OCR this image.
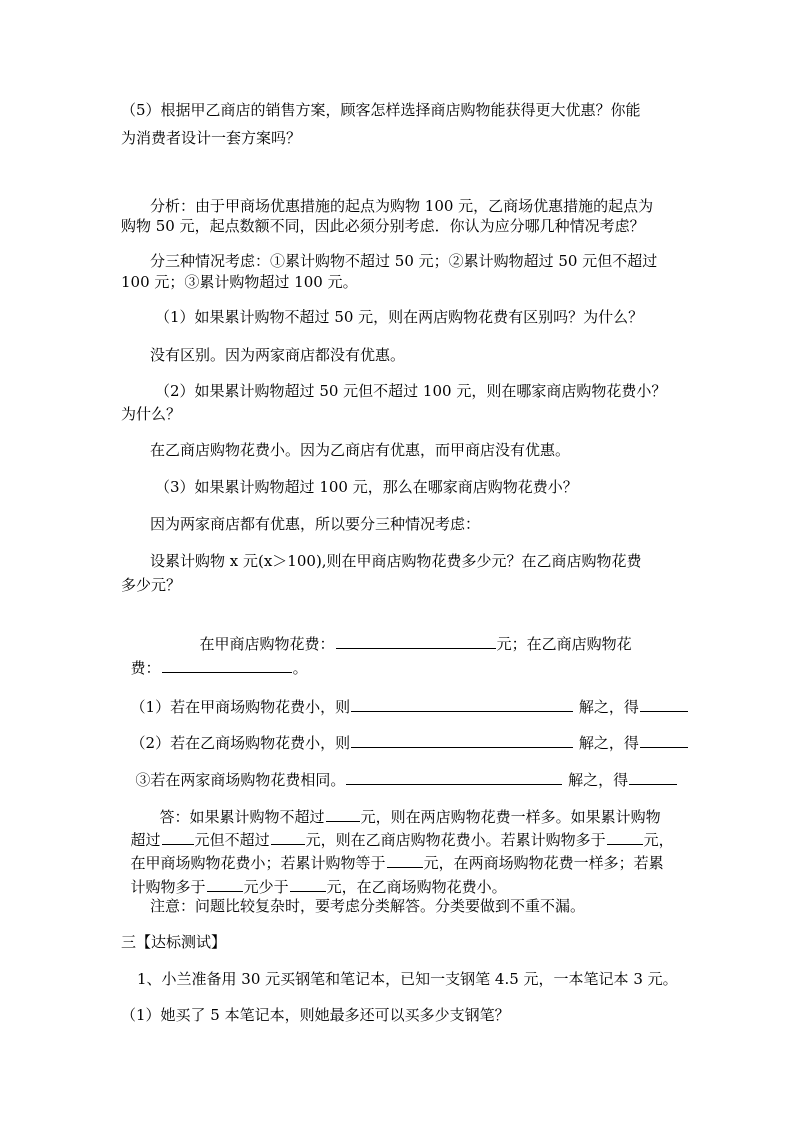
（5）根据甲乙商店的销售方案，顾客怎样选择商店购物能获得更大优惠？你能
为消费者设计一套方案吗？
分析：由于甲商场优惠措施的起点为购物 100 元，乙商场优惠措施的起点为
购物 50 元，起点数额不同，因此必须分别考虑．你认为应分哪几种情况考虑？
分三种情况考虑：①累计购物不超过 50 元；②累计购物超过 50 元但不超过
100 元；③累计购物超过 100 元。
（1）如果累计购物不超过 50 元，则在两店购物花费有区别吗？为什么？
没有区别。因为两家商店都没有优惠。
（2）如果累计购物超过 50 元但不超过 100 元，则在哪家商店购物花费小？
为什么？
在乙商店购物花费小。因为乙商店有优惠，而甲商店没有优惠。
（3）如果累计购物超过 100 元，那么在哪家商店购物花费小？
因为两家商店都有优惠，所以要分三种情况考虑：
设累计购物 x 元(x＞100),则在甲商店购物花费多少元？在乙商店购物花费
多少元？

在甲商店购物花费：	元；在乙商店购物花

费：	。

（1）若在甲商场购物花费小，则	解之，得

（2）若在乙商场购物花费小，则	解之，得

③若在两家商场购物花费相同。	解之，得

答：如果累计购物不超过 元，则在两店购物花费一样多。如果累计购物

超过 元但不超过 元，则在乙商店购物花费小。若累计购物多于	元，

在甲商场购物花费小；若累计购物等于	元，在两商场购物花费一样多；若累

计购物多于	元少于	元，在乙商场购物花费小。

注意：问题比较复杂时，要考虑分类解答。分类要做到不重不漏。
三【达标测试】
1、小兰准备用 30 元买钢笔和笔记本，已知一支钢笔 4.5 元，一本笔记本 3 元。
（1）她买了 5 本笔记本，则她最多还可以买多少支钢笔？
